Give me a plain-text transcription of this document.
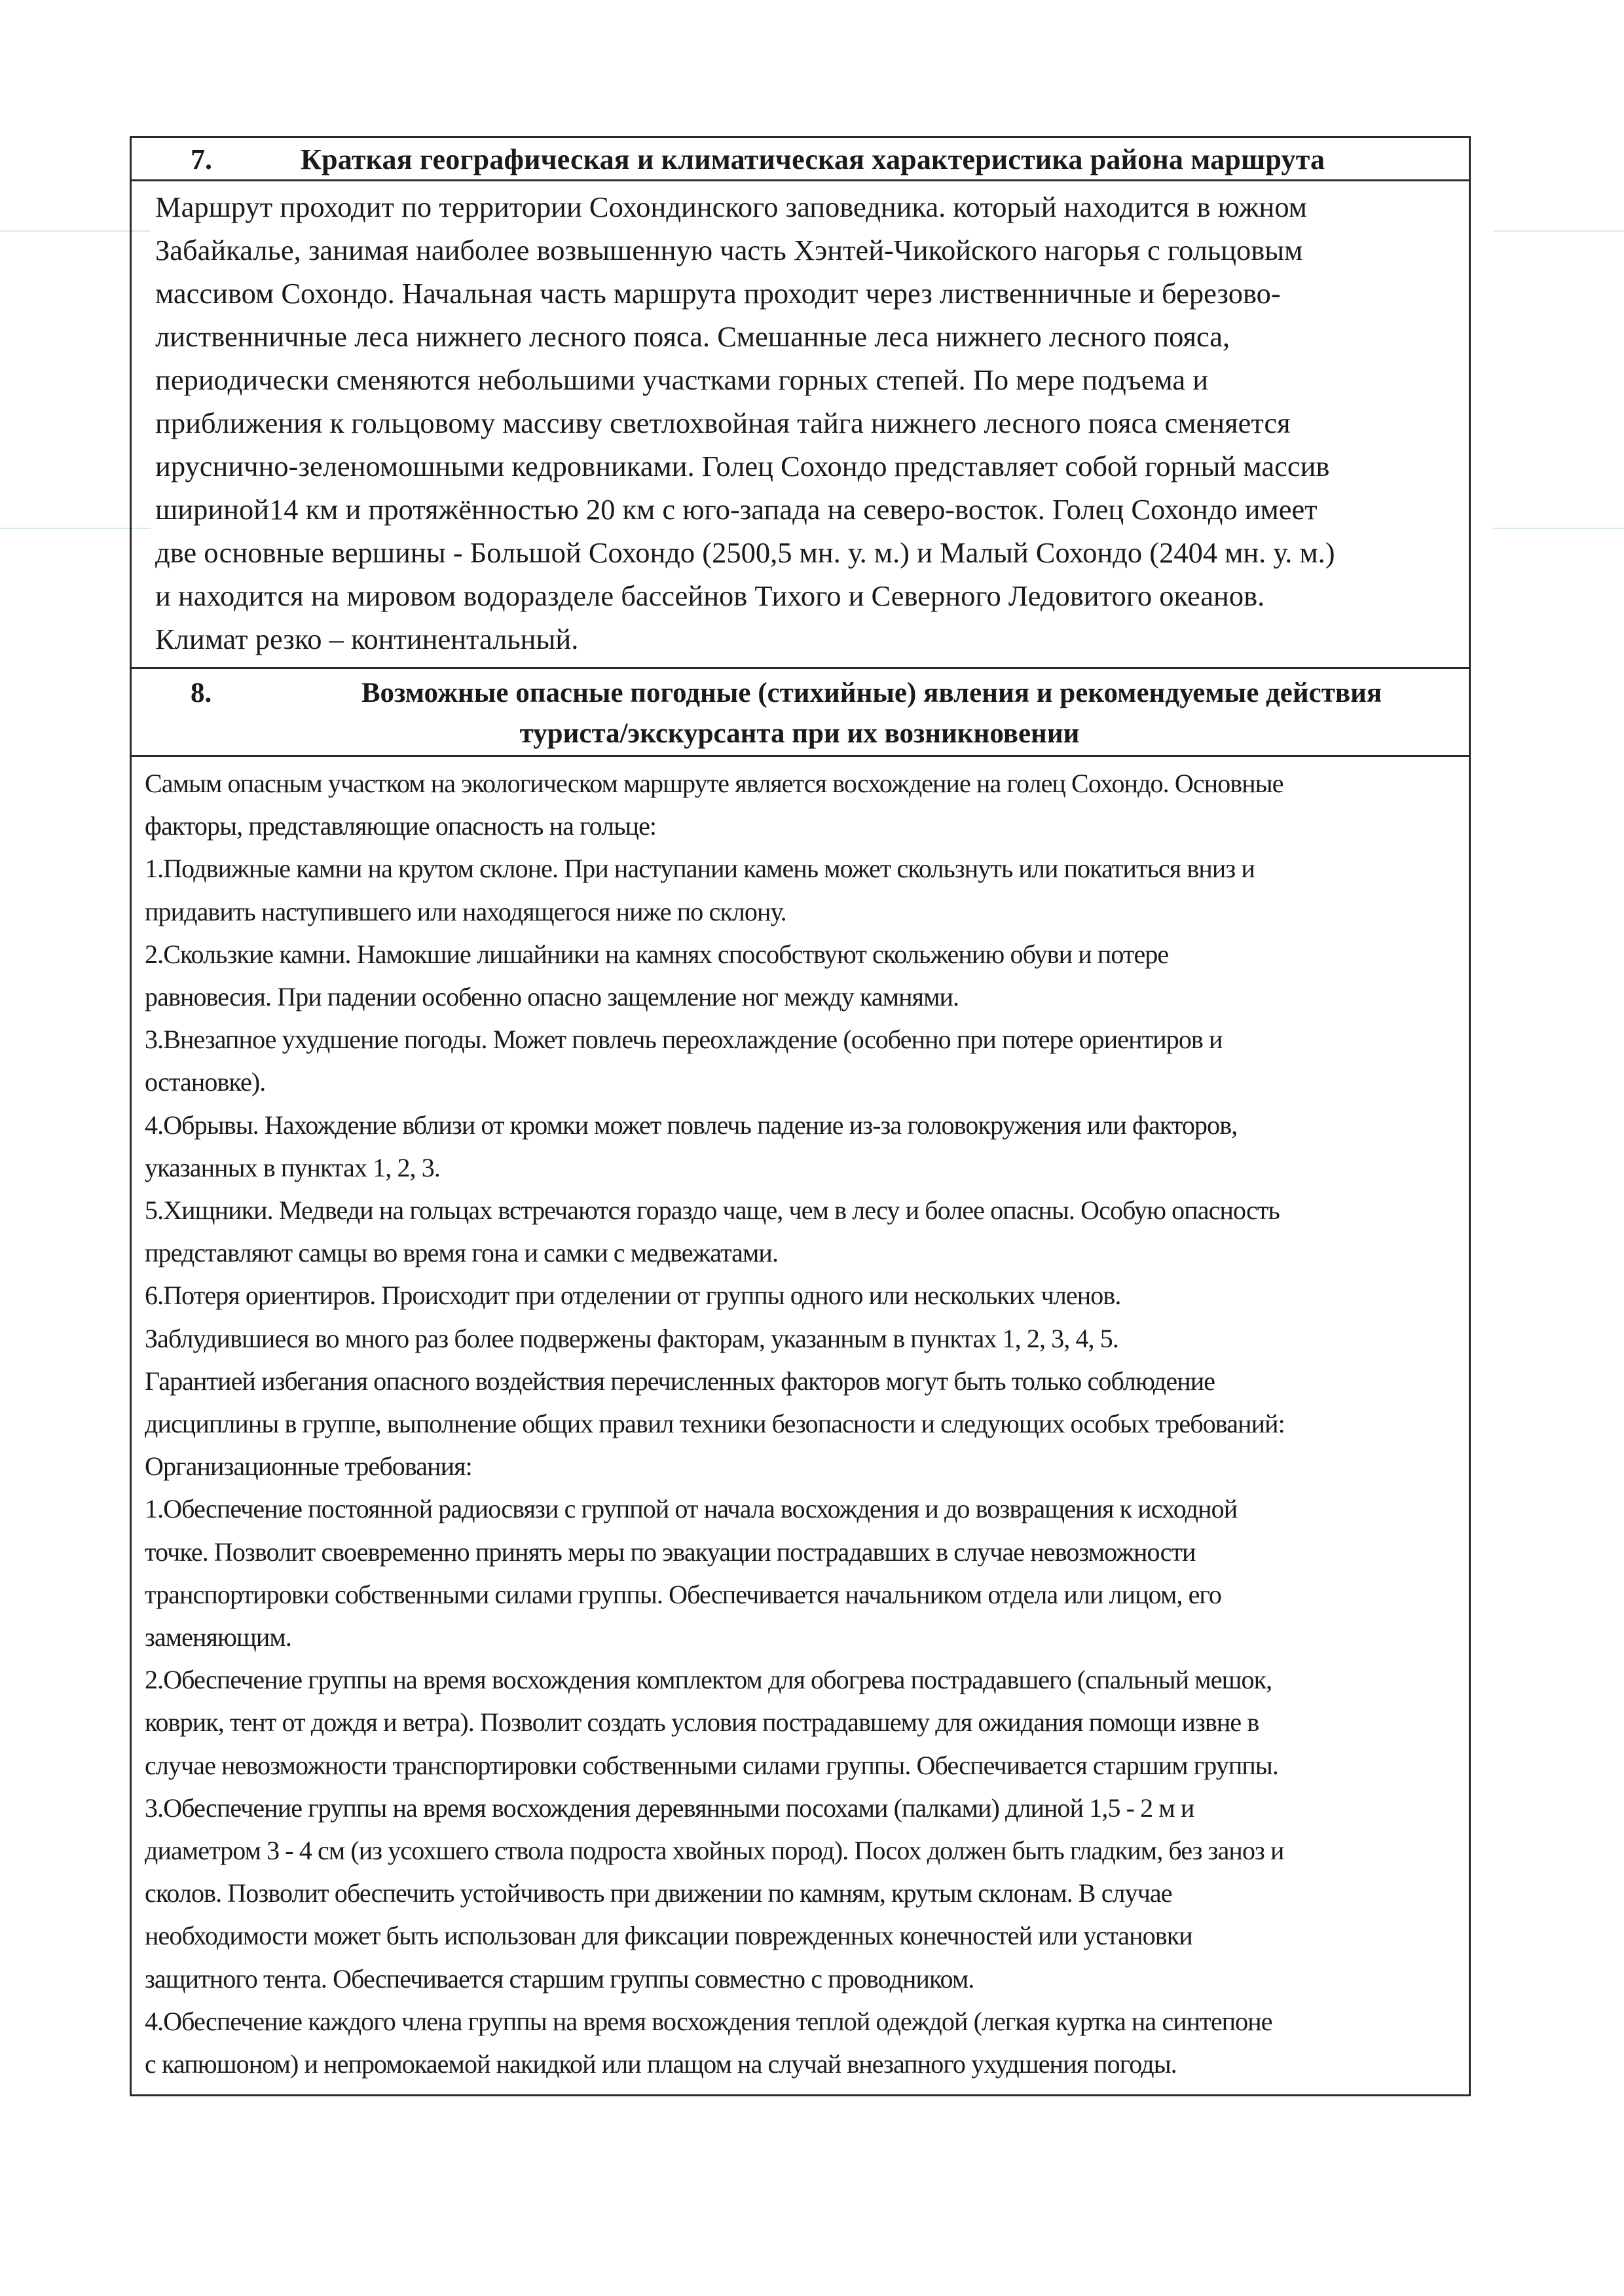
7.	Краткая географическая и климатическая характеристика района маршрута
Маршрут проходит по территории Сохондинского заповедника. который находится в южном
Забайкалье, занимая наиболее возвышенную часть Хэнтей-Чикойского нагорья с гольцовым
массивом Сохондо. Начальная часть маршрута проходит через лиственничные и березово-
лиственничные леса нижнего лесного пояса. Смешанные леса нижнего лесного пояса,
периодически сменяются небольшими участками горных степей. По мере подъема и
приближения к гольцовому массиву светлохвойная тайга нижнего лесного пояса сменяется
ируснично-зеленомошными кедровниками. Голец Сохондо представляет собой горный массив
шириной14 км и протяжённостью 20 км с юго-запада на северо-восток. Голец Сохондо имеет
две основные вершины - Большой Сохондо (2500,5 мн. у. м.) и Малый Сохондо (2404 мн. у. м.)
и находится на мировом водоразделе бассейнов Тихого и Северного Ледовитого океанов.
Климат резко – континентальный.
8.	Возможные опасные погодные (стихийные) явления и рекомендуемые действия
туриста/экскурсанта при их возникновении
Самым опасным участком на экологическом маршруте является восхождение на голец Сохондо. Основные
факторы, представляющие опасность на гольце:
1.Подвижные камни на крутом склоне. При наступании камень может скользнуть или покатиться вниз и
придавить наступившего или находящегося ниже по склону.
2.Скользкие камни. Намокшие лишайники на камнях способствуют скольжению обуви и потере
равновесия. При падении особенно опасно защемление ног между камнями.
3.Внезапное ухудшение погоды. Может повлечь переохлаждение (особенно при потере ориентиров и
остановке).
4.Обрывы. Нахождение вблизи от кромки может повлечь падение из-за головокружения или факторов,
указанных в пунктах 1, 2, 3.
5.Хищники. Медведи на гольцах встречаются гораздо чаще, чем в лесу и более опасны. Особую опасность
представляют самцы во время гона и самки с медвежатами.
6.Потеря ориентиров. Происходит при отделении от группы одного или нескольких членов.
Заблудившиеся во много раз более подвержены факторам, указанным в пунктах 1, 2, 3, 4, 5.
Гарантией избегания опасного воздействия перечисленных факторов могут быть только соблюдение
дисциплины в группе, выполнение общих правил техники безопасности и следующих особых требований:
Организационные требования:
1.Обеспечение постоянной радиосвязи с группой от начала восхождения и до возвращения к исходной
точке. Позволит своевременно принять меры по эвакуации пострадавших в случае невозможности
транспортировки собственными силами группы. Обеспечивается начальником отдела или лицом, его
заменяющим.
2.Обеспечение группы на время восхождения комплектом для обогрева пострадавшего (спальный мешок,
коврик, тент от дождя и ветра). Позволит создать условия пострадавшему для ожидания помощи извне в
случае невозможности транспортировки собственными силами группы. Обеспечивается старшим группы.
3.Обеспечение группы на время восхождения деревянными посохами (палками) длиной 1,5 - 2 м и
диаметром 3 - 4 см (из усохшего ствола подроста хвойных пород). Посох должен быть гладким, без заноз и
сколов. Позволит обеспечить устойчивость при движении по камням, крутым склонам. В случае
необходимости может быть использован для фиксации поврежденных конечностей или установки
защитного тента. Обеспечивается старшим группы совместно с проводником.
4.Обеспечение каждого члена группы на время восхождения теплой одеждой (легкая куртка на синтепоне
с капюшоном) и непромокаемой накидкой или плащом на случай внезапного ухудшения погоды.
